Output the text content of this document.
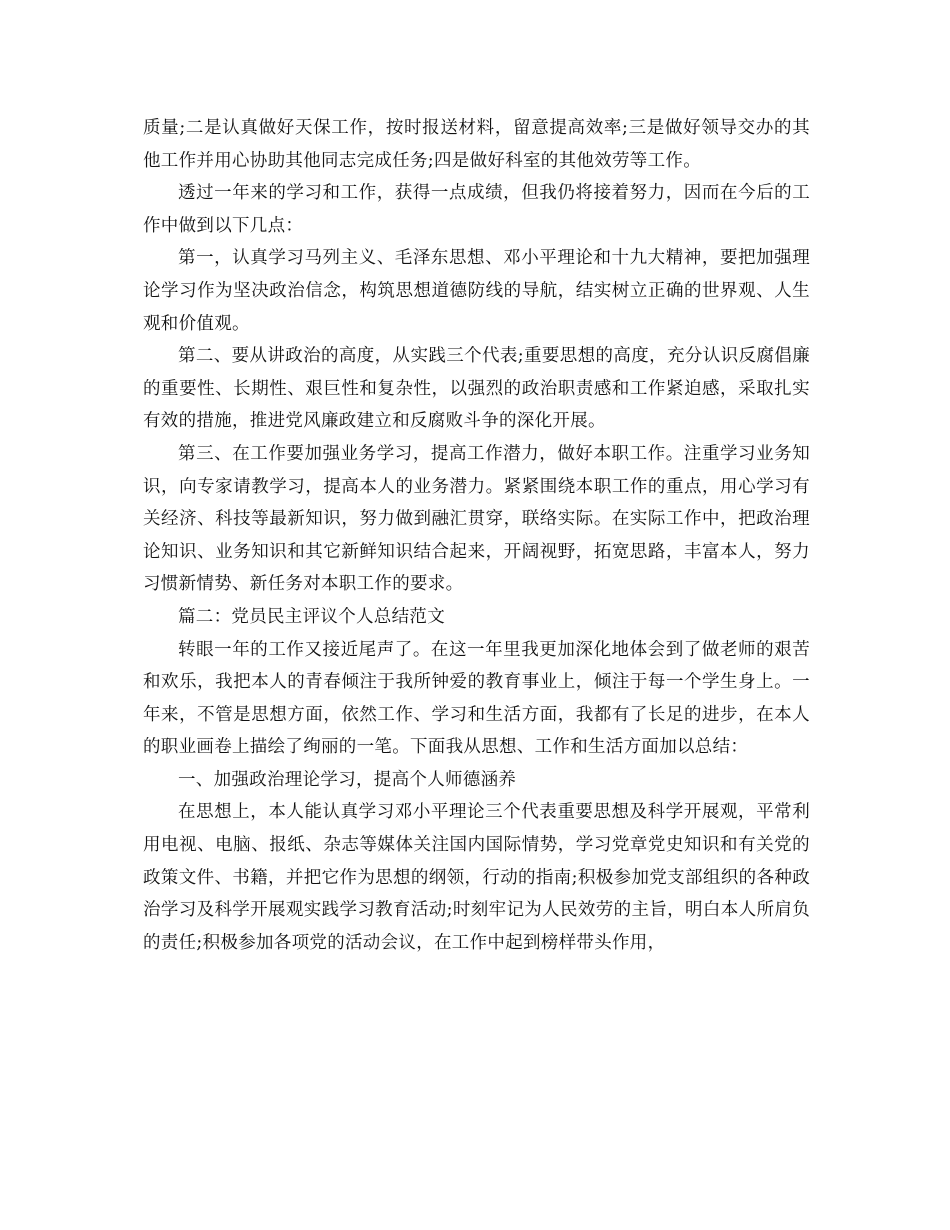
质量;二是认真做好天保工作，按时报送材料，留意提高效率;三是做好领导交办的其他工作并用心协助其他同志完成任务;四是做好科室的其他效劳等工作。

透过一年来的学习和工作，获得一点成绩，但我仍将接着努力，因而在今后的工作中做到以下几点：

第一，认真学习马列主义、毛泽东思想、邓小平理论和十九大精神，要把加强理论学习作为坚决政治信念，构筑思想道德防线的导航，结实树立正确的世界观、人生观和价值观。

第二、要从讲政治的高度，从实践三个代表;重要思想的高度，充分认识反腐倡廉的重要性、长期性、艰巨性和复杂性，以强烈的政治职责感和工作紧迫感，采取扎实有效的措施，推进党风廉政建立和反腐败斗争的深化开展。

第三、在工作要加强业务学习，提高工作潜力，做好本职工作。注重学习业务知识，向专家请教学习，提高本人的业务潜力。紧紧围绕本职工作的重点，用心学习有关经济、科技等最新知识，努力做到融汇贯穿，联络实际。在实际工作中，把政治理论知识、业务知识和其它新鲜知识结合起来，开阔视野，拓宽思路，丰富本人，努力习惯新情势、新任务对本职工作的要求。

篇二：党员民主评议个人总结范文

转眼一年的工作又接近尾声了。在这一年里我更加深化地体会到了做老师的艰苦和欢乐，我把本人的青春倾注于我所钟爱的教育事业上，倾注于每一个学生身上。一年来，不管是思想方面，依然工作、学习和生活方面，我都有了长足的进步，在本人的职业画卷上描绘了绚丽的一笔。下面我从思想、工作和生活方面加以总结：

一、加强政治理论学习，提高个人师德涵养

在思想上，本人能认真学习邓小平理论三个代表重要思想及科学开展观，平常利用电视、电脑、报纸、杂志等媒体关注国内国际情势，学习党章党史知识和有关党的政策文件、书籍，并把它作为思想的纲领，行动的指南;积极参加党支部组织的各种政治学习及科学开展观实践学习教育活动;时刻牢记为人民效劳的主旨，明白本人所肩负的责任;积极参加各项党的活动会议，在工作中起到榜样带头作用，
